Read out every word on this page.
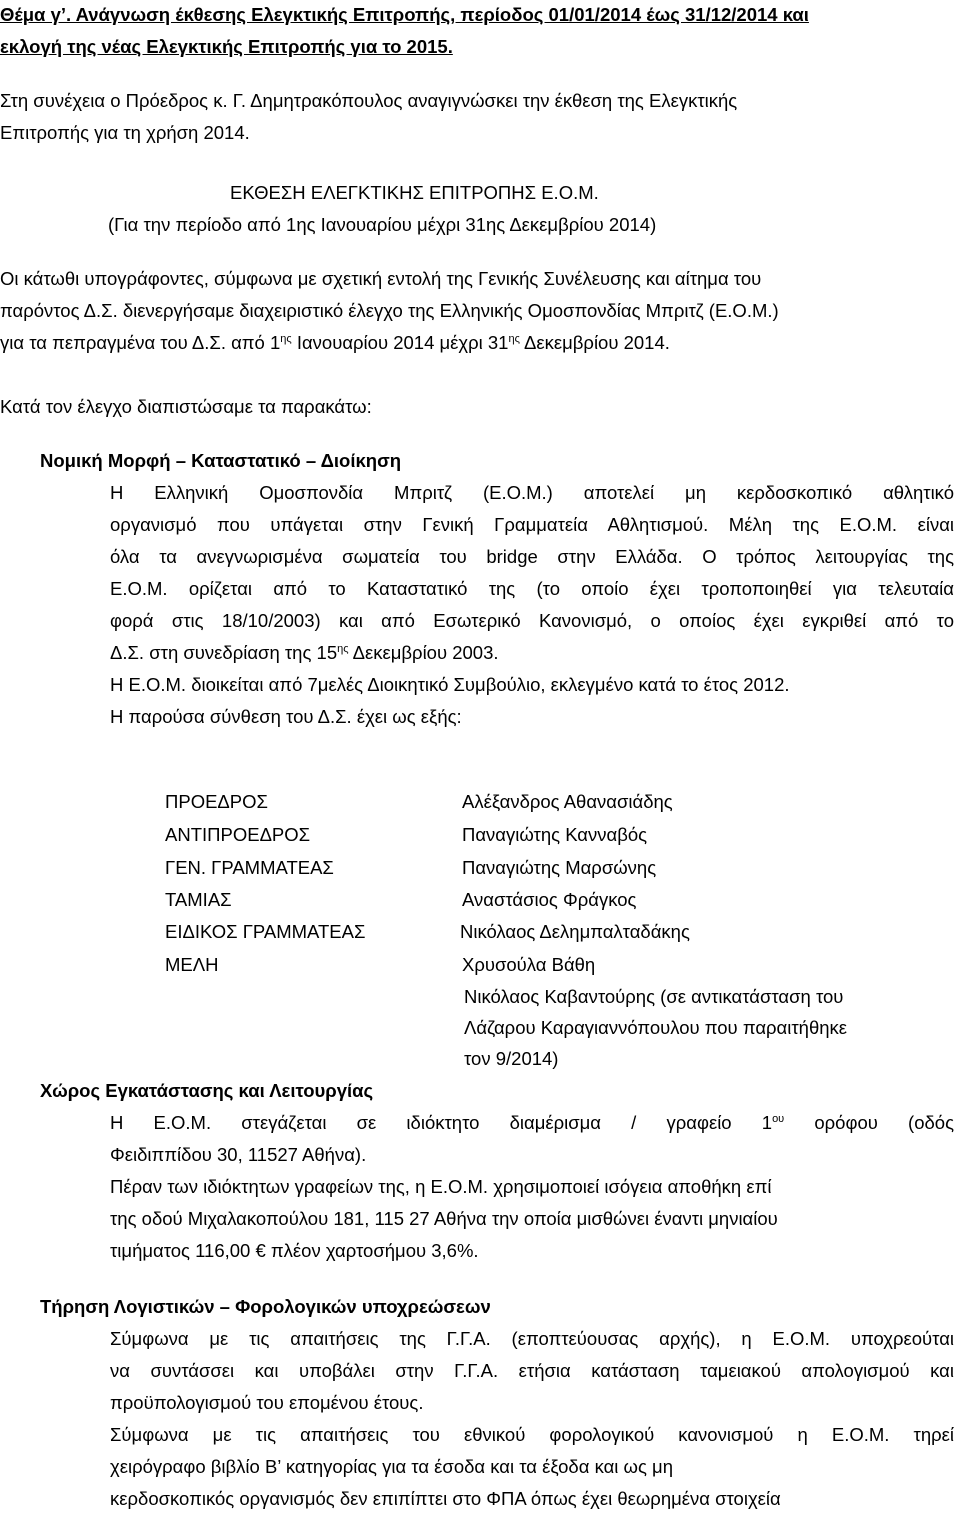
Θέμα γ’. Ανάγνωση έκθεσης Ελεγκτικής Επιτροπής, περίοδος 01/01/2014 έως 31/12/2014 και
εκλογή της νέας Ελεγκτικής Επιτροπής για το 2015.
Στη συνέχεια ο Πρόεδρος κ. Γ. Δημητρακόπουλος αναγιγνώσκει την έκθεση της Ελεγκτικής
Επιτροπής για τη χρήση 2014.
ΕΚΘΕΣΗ ΕΛΕΓΚΤΙΚΗΣ ΕΠΙΤΡΟΠΗΣ Ε.Ο.Μ.
(Για την περίοδο από 1ης Ιανουαρίου μέχρι 31ης Δεκεμβρίου 2014)
Οι κάτωθι υπογράφοντες, σύμφωνα με σχετική εντολή της Γενικής Συνέλευσης και αίτημα του
παρόντος Δ.Σ. διενεργήσαμε διαχειριστικό έλεγχο της Ελληνικής Ομοσπονδίας Μπριτζ (Ε.Ο.Μ.)
για τα πεπραγμένα του Δ.Σ. από $1^{\eta\varsigma}$ Ιανουαρίου 2014 μέχρι $31^{\eta\varsigma}$ Δεκεμβρίου 2014.
Κατά τον έλεγχο διαπιστώσαμε τα παρακάτω:
Νομική Μορφή – Καταστατικό – Διοίκηση
Η Ελληνική Ομοσπονδία Μπριτζ (Ε.Ο.Μ.) αποτελεί μη κερδοσκοπικό αθλητικό
οργανισμό που υπάγεται στην Γενική Γραμματεία Αθλητισμού. Μέλη της Ε.Ο.Μ. είναι
όλα τα ανεγνωρισμένα σωματεία του bridge στην Ελλάδα. Ο τρόπος λειτουργίας της
Ε.Ο.Μ. ορίζεται από το Καταστατικό της (το οποίο έχει τροποποιηθεί για τελευταία
φορά στις 18/10/2003) και από Εσωτερικό Κανονισμό, ο οποίος έχει εγκριθεί από το
Δ.Σ. στη συνεδρίαση της $15^{\eta\varsigma}$ Δεκεμβρίου 2003.
Η Ε.Ο.Μ. διοικείται από 7μελές Διοικητικό Συμβούλιο, εκλεγμένο κατά το έτος 2012.
Η παρούσα σύνθεση του Δ.Σ. έχει ως εξής:
ΠΡΟΕΔΡΟΣ
ΑΝΤΙΠΡΟΕΔΡΟΣ
ΓΕΝ. ΓΡΑΜΜΑΤΕΑΣ
ΤΑΜΙΑΣ
ΕΙΔΙΚΟΣ ΓΡΑΜΜΑΤΕΑΣ
ΜΕΛΗ
Αλέξανδρος Αθανασιάδης
Παναγιώτης Κανναβός
Παναγιώτης Μαρσώνης
Αναστάσιος Φράγκος
Νικόλαος Δελημπαλταδάκης
Χρυσούλα Βάθη
Νικόλαος Καβαντούρης (σε αντικατάσταση του
Λάζαρου Καραγιαννόπουλου που παραιτήθηκε
τον 9/2014)
Χώρος Εγκατάστασης και Λειτουργίας
Η Ε.Ο.Μ. στεγάζεται σε ιδιόκτητο διαμέρισμα / γραφείο $1^{o\upsilon}$ ορόφου (οδός
Φειδιππίδου 30, 11527 Αθήνα).
Πέραν των ιδιόκτητων γραφείων της, η Ε.Ο.Μ. χρησιμοποιεί ισόγεια αποθήκη επί
της οδού Μιχαλακοπούλου 181, 115 27 Αθήνα την οποία μισθώνει έναντι μηνιαίου
τιμήματος 116,00 € πλέον χαρτοσήμου 3,6%.
Τήρηση Λογιστικών – Φορολογικών υποχρεώσεων
Σύμφωνα με τις απαιτήσεις της Γ.Γ.Α. (εποπτεύουσας αρχής), η Ε.Ο.Μ. υποχρεούται
να συντάσσει και υποβάλει στην Γ.Γ.Α. ετήσια κατάσταση ταμειακού απολογισμού και
προϋπολογισμού του επομένου έτους.
Σύμφωνα με τις απαιτήσεις του εθνικού φορολογικού κανονισμού η Ε.Ο.Μ. τηρεί
χειρόγραφο βιβλίο Β’ κατηγορίας για τα έσοδα και τα έξοδα και ως μη
κερδοσκοπικός οργανισμός δεν επιπίπτει στο ΦΠΑ όπως έχει θεωρημένα στοιχεία
